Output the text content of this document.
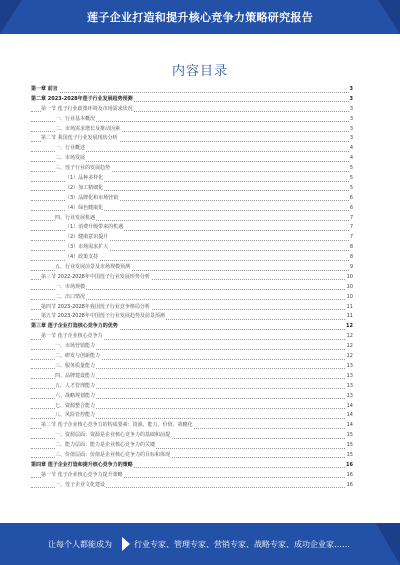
莲子企业打造和提升核心竞争力策略研究报告
内容目录
第一章 前言	3
第二章 2023-2028年莲子行业发展趋势预测	3
第一节 莲子行业政策环境及市场需求状况	3
一、行业基本概况	3
二、市场需求增长及推动因素	3
第二节 我国莲子行业发展现状分析	3
一、行业概述	4
二、市场发展	4
三、莲子行业的发展趋势	5
（1）品种多样化	5
（2）加工精细化	5
（3）品牌化和市场营销	6
（4）绿色健康化	6
四、行业发展机遇	7
（1）消费升级带来的机遇	7
（2）健康意识提升	7
（3）市场需求扩大	8
（4）政策支持	8
五、行业发展前景及市场规模预测	9
第三节 2022-2028年中国莲子行业发展形势分析	10
一、市场规模	10
二、出口情况	10
第四节 2023-2028年我国莲子行业竞争格局分析	11
第五节 2023-2028年中国莲子行业发展趋势及前景预测	11
第三章 莲子企业打造核心竞争力的优势	12
第一节 莲子企业核心竞争力	12
一、市场营销能力	12
二、研发与创新能力	12
三、服务质量能力	13
四、品牌建设能力	13
五、人才管理能力	13
六、战略规划能力	13
七、资源整合能力	14
八、风险管控能力	14
第二节 莲子企业核心竞争力的构成要素：资源、能力、价值、战略化	14
一、资源层面：资源是企业核心竞争力的基础和前提	15
二、能力层面：能力是企业核心竞争力的关键	15
三、价值层面：价值是企业核心竞争力的目标和体现	15
第四章 莲子企业打造和提升核心竞争力的策略	16
第一节 莲子企业核心竞争力提升策略	16
一、莲子企业文化建设	16
让每个人都能成为	行业专家、管理专家、营销专家、战略专家、成功企业家……
